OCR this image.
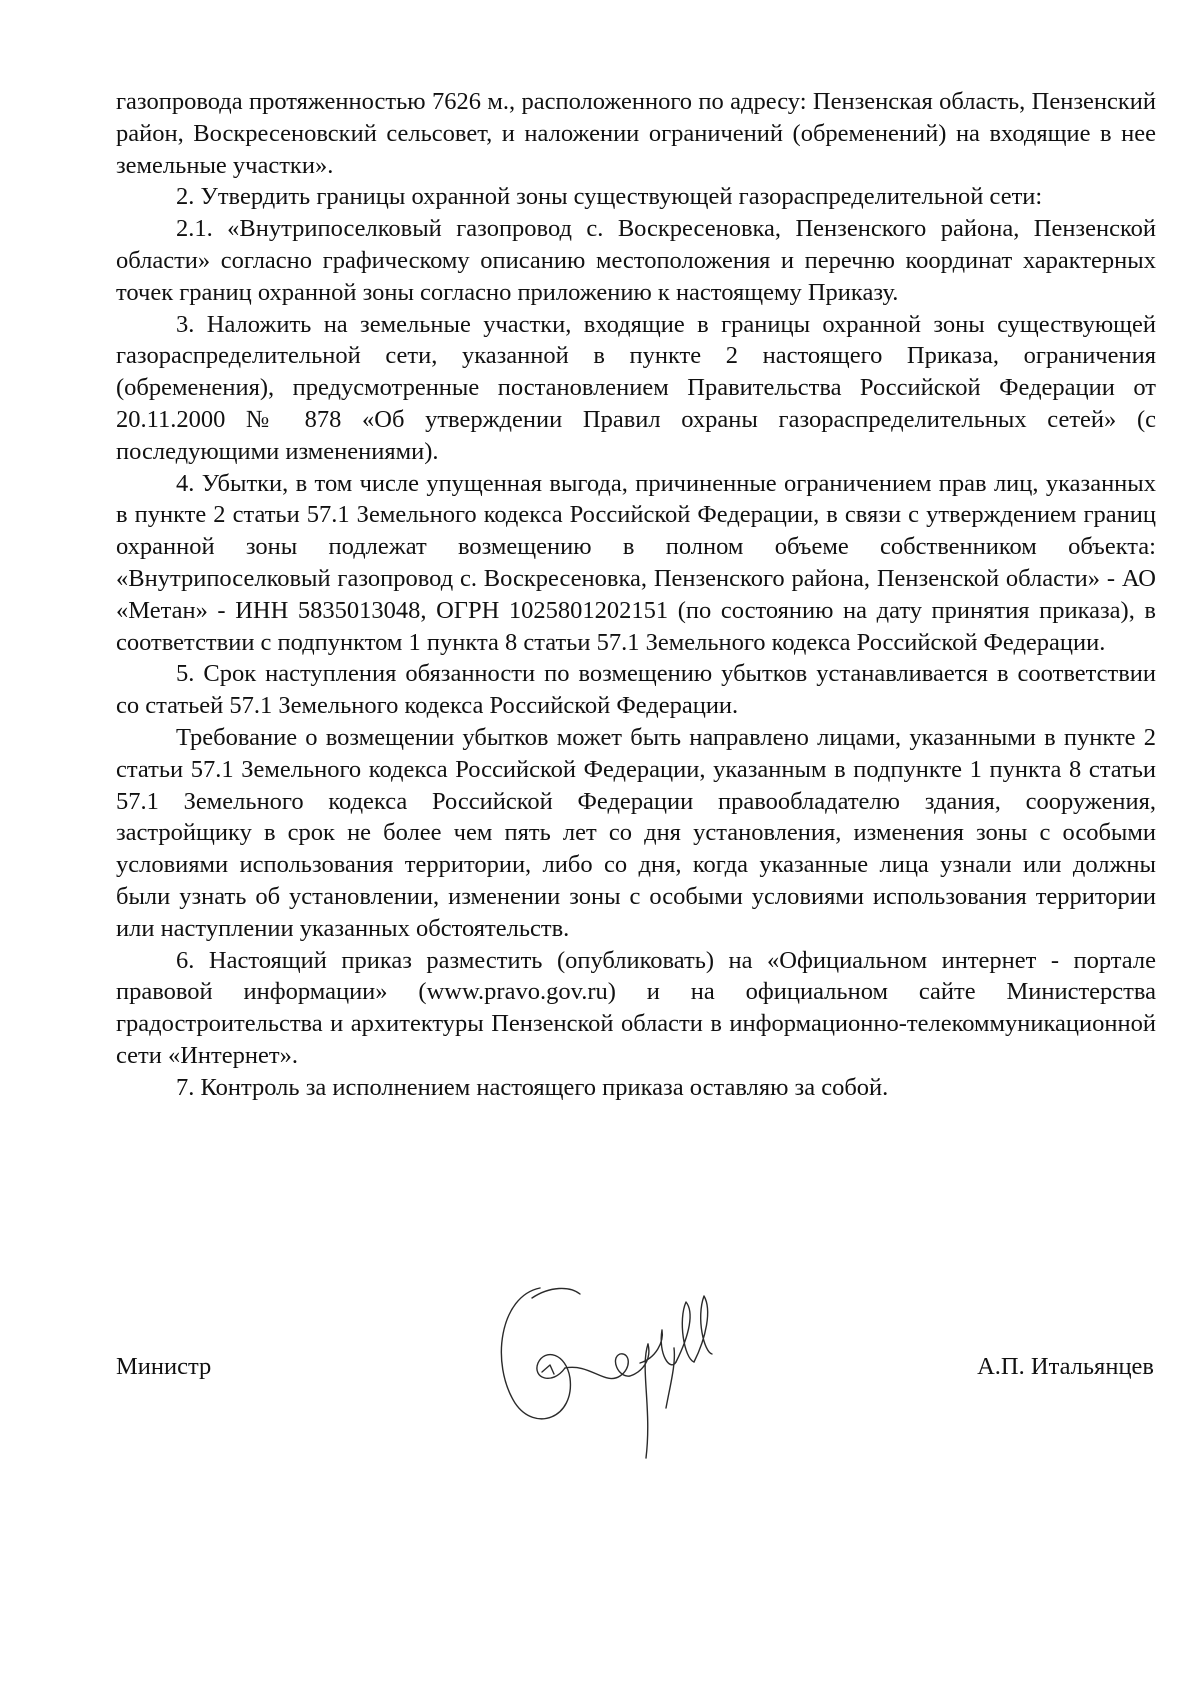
газопровода протяженностью 7626 м., расположенного по адресу: Пензенская область, Пензенский район, Воскресеновский сельсовет, и наложении ограничений (обременений) на входящие в нее земельные участки».

2. Утвердить границы охранной зоны существующей газораспределительной сети:

2.1. «Внутрипоселковый газопровод с. Воскресеновка, Пензенского района, Пензенской области» согласно графическому описанию местоположения и перечню координат характерных точек границ охранной зоны согласно приложению к настоящему Приказу.

3. Наложить на земельные участки, входящие в границы охранной зоны существующей газораспределительной сети, указанной в пункте 2 настоящего Приказа, ограничения (обременения), предусмотренные постановлением Правительства Российской Федерации от 20.11.2000 № 878 «Об утверждении Правил охраны газораспределительных сетей» (с последующими изменениями).

4. Убытки, в том числе упущенная выгода, причиненные ограничением прав лиц, указанных в пункте 2 статьи 57.1 Земельного кодекса Российской Федерации, в связи с утверждением границ охранной зоны подлежат возмещению в полном объеме собственником объекта: «Внутрипоселковый газопровод с. Воскресеновка, Пензенского района, Пензенской области» - АО «Метан» - ИНН 5835013048, ОГРН 1025801202151 (по состоянию на дату принятия приказа), в соответствии с подпунктом 1 пункта 8 статьи 57.1 Земельного кодекса Российской Федерации.

5. Срок наступления обязанности по возмещению убытков устанавливается в соответствии со статьей 57.1 Земельного кодекса Российской Федерации.

Требование о возмещении убытков может быть направлено лицами, указанными в пункте 2 статьи 57.1 Земельного кодекса Российской Федерации, указанным в подпункте 1 пункта 8 статьи 57.1 Земельного кодекса Российской Федерации правообладателю здания, сооружения, застройщику в срок не более чем пять лет со дня установления, изменения зоны с особыми условиями использования территории, либо со дня, когда указанные лица узнали или должны были узнать об установлении, изменении зоны с особыми условиями использования территории или наступлении указанных обстоятельств.

6. Настоящий приказ разместить (опубликовать) на «Официальном интернет - портале правовой информации» (www.pravo.gov.ru) и на официальном сайте Министерства градостроительства и архитектуры Пензенской области в информационно-телекоммуникационной сети «Интернет».

7. Контроль за исполнением настоящего приказа оставляю за собой.

Министр	А.П. Итальянцев
